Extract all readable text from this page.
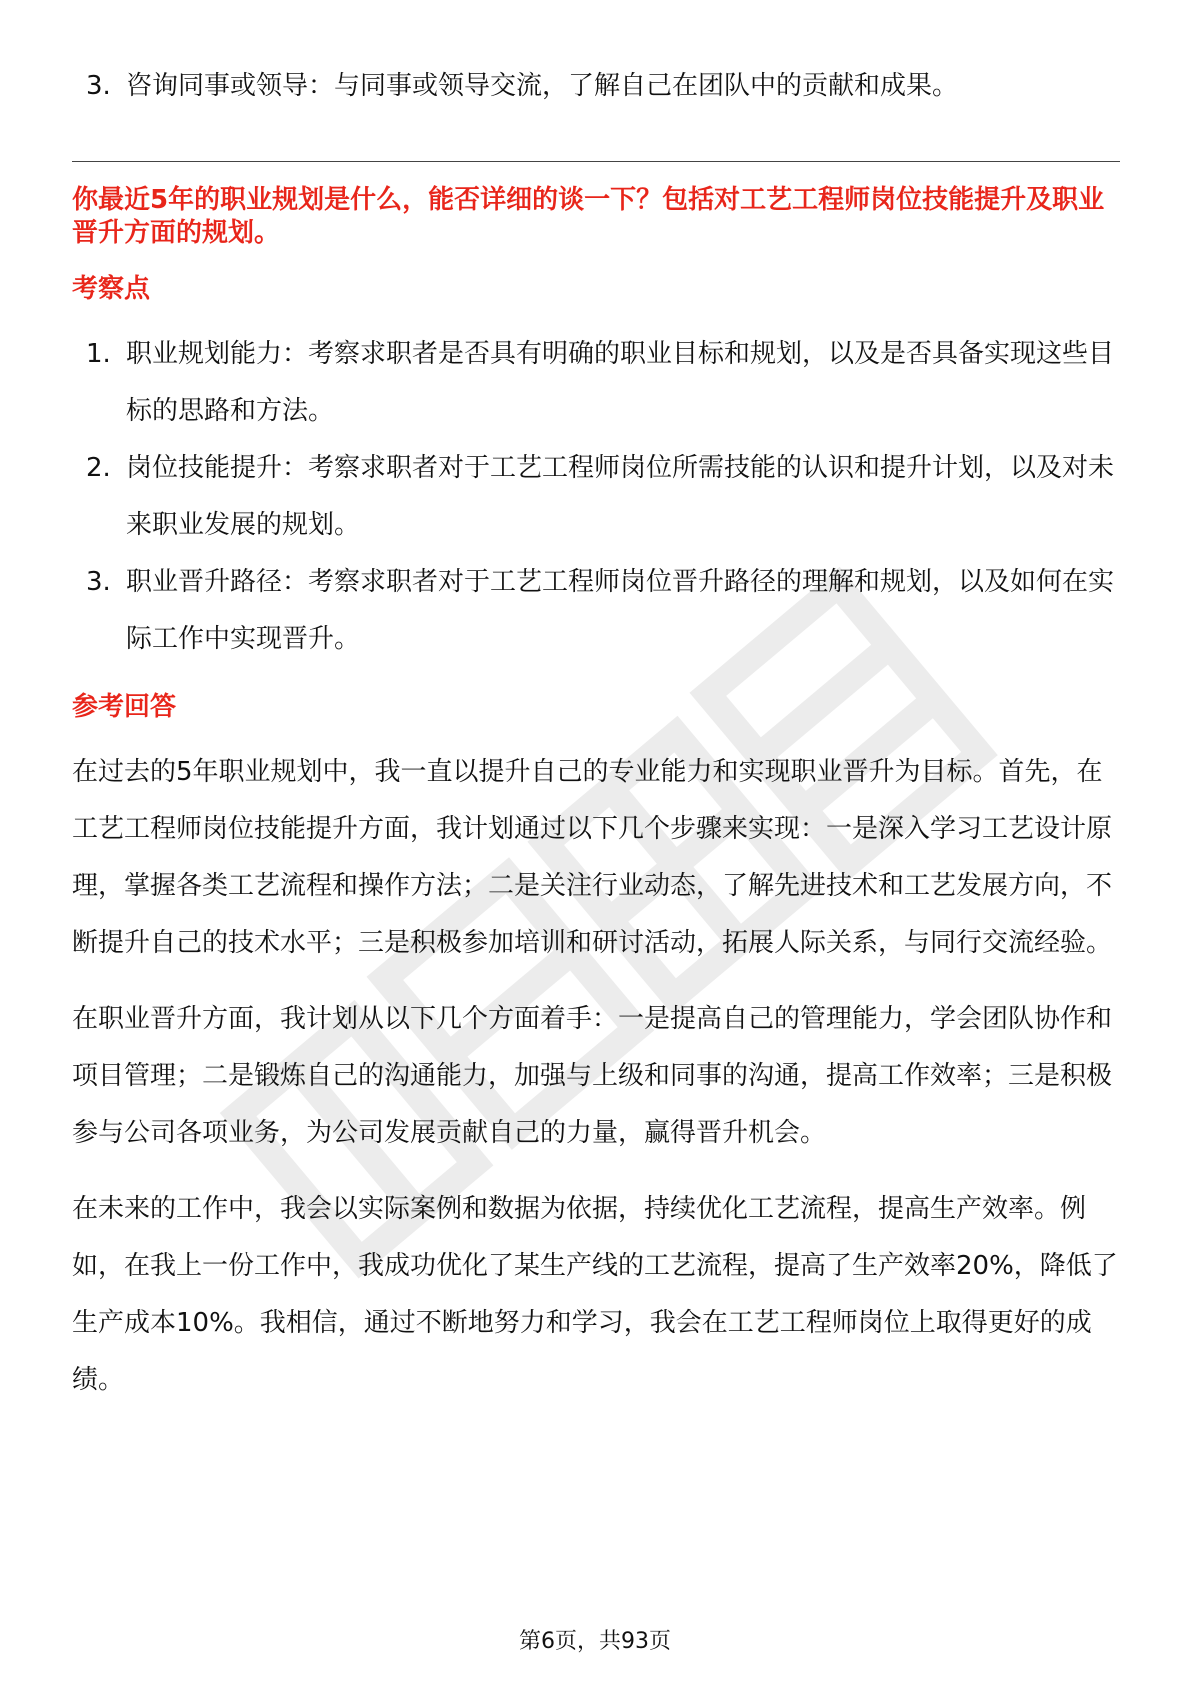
3. 咨询同事或领导：与同事或领导交流，了解自己在团队中的贡献和成果。

你最近5年的职业规划是什么，能否详细的谈一下？包括对工艺工程师岗位技能提升及职业晋升方面的规划。

考察点

1. 职业规划能力：考察求职者是否具有明确的职业目标和规划，以及是否具备实现这些目标的思路和方法。

2. 岗位技能提升：考察求职者对于工艺工程师岗位所需技能的认识和提升计划，以及对未来职业发展的规划。

3. 职业晋升路径：考察求职者对于工艺工程师岗位晋升路径的理解和规划，以及如何在实际工作中实现晋升。

参考回答

在过去的5年职业规划中，我一直以提升自己的专业能力和实现职业晋升为目标。首先，在工艺工程师岗位技能提升方面，我计划通过以下几个步骤来实现：一是深入学习工艺设计原理，掌握各类工艺流程和操作方法；二是关注行业动态，了解先进技术和工艺发展方向，不断提升自己的技术水平；三是积极参加培训和研讨活动，拓展人际关系，与同行交流经验。

在职业晋升方面，我计划从以下几个方面着手：一是提高自己的管理能力，学会团队协作和项目管理；二是锻炼自己的沟通能力，加强与上级和同事的沟通，提高工作效率；三是积极参与公司各项业务，为公司发展贡献自己的力量，赢得晋升机会。

在未来的工作中，我会以实际案例和数据为依据，持续优化工艺流程，提高生产效率。例如，在我上一份工作中，我成功优化了某生产线的工艺流程，提高了生产效率20%，降低了生产成本10%。我相信，通过不断地努力和学习，我会在工艺工程师岗位上取得更好的成绩。

第6页，共93页
